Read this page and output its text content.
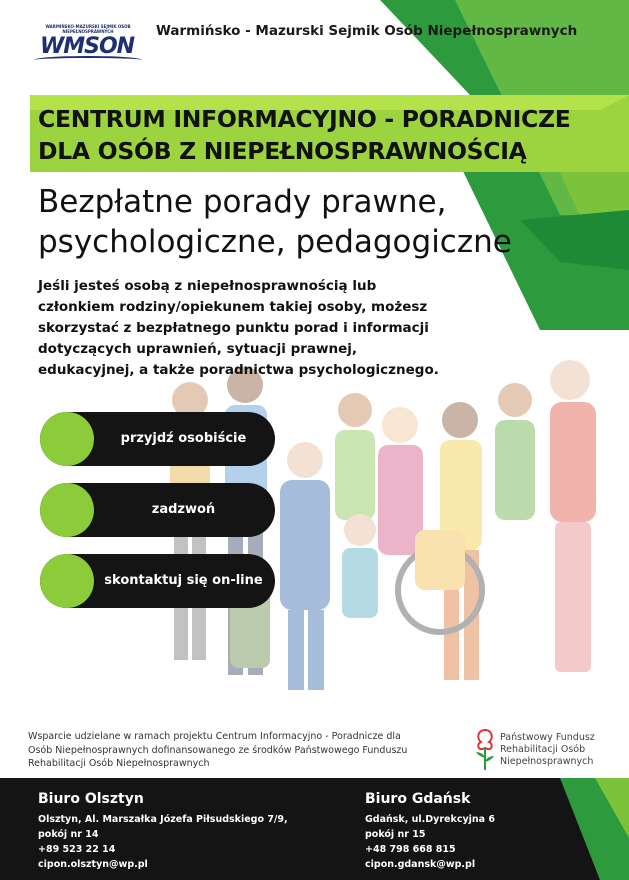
WARMIŃSKO-MAZURSKI SEJMIK OSÓB NIEPEŁNOSPRAWNYCH
WMSON
Warmińsko - Mazurski Sejmik Osób Niepełnosprawnych
CENTRUM INFORMACYJNO - PORADNICZE
DLA OSÓB Z NIEPEŁNOSPRAWNOŚCIĄ
Bezpłatne porady prawne,
psychologiczne, pedagogiczne
Jeśli jesteś osobą z niepełnosprawnością lub
członkiem rodziny/opiekunem takiej osoby, możesz
skorzystać z bezpłatnego punktu porad i informacji
dotyczących uprawnień, sytuacji prawnej,
edukacyjnej, a także poradnictwa psychologicznego.
przyjdź osobiście
zadzwoń
skontaktuj się on-line
Wsparcie udzielane w ramach projektu Centrum Informacyjno - Poradnicze dla
Osób Niepełnosprawnych dofinansowanego ze środków Państwowego Funduszu
Rehabilitacji Osób Niepełnosprawnych
Państwowy Fundusz
Rehabilitacji Osób
Niepełnosprawnych
Biuro Olsztyn
Olsztyn, Al. Marszałka Józefa Piłsudskiego 7/9,
pokój nr 14
+89 523 22 14
cipon.olsztyn@wp.pl
Biuro Gdańsk
Gdańsk, ul.Dyrekcyjna 6
pokój nr 15
+48 798 668 815
cipon.gdansk@wp.pl
